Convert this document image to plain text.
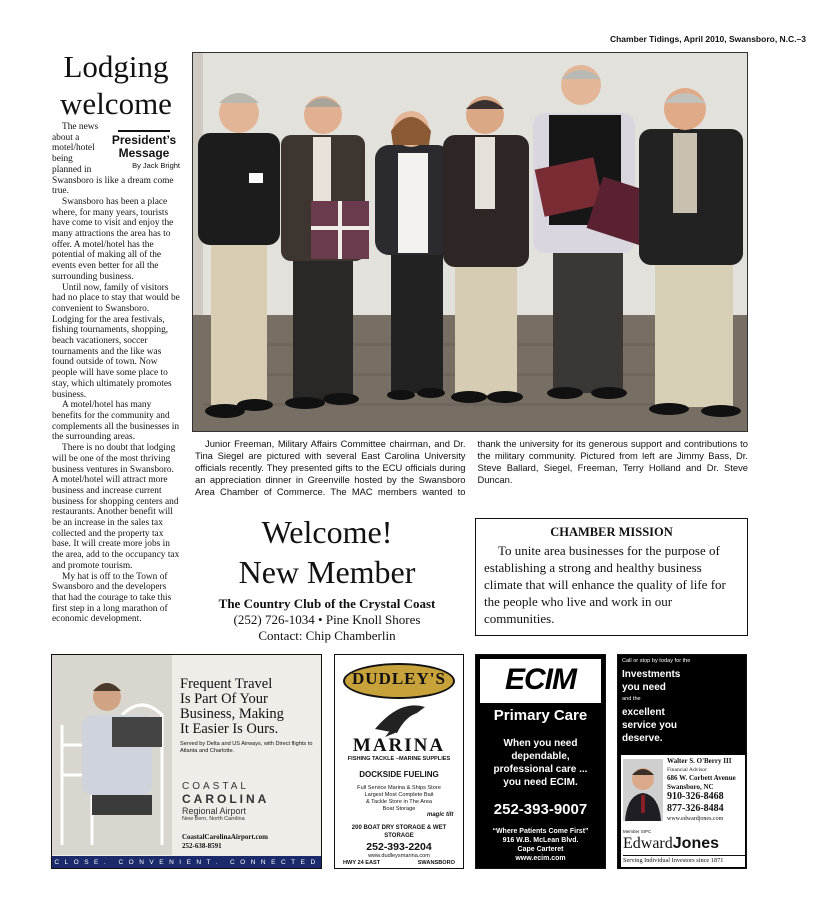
Chamber Tidings, April 2010, Swansboro, N.C.–3
Lodging
welcome
President’s
Message
By Jack Bright

The news about a motel/hotel being planned in Swansboro is like a dream come true.

Swansboro has been a place where, for many years, tourists have come to visit and enjoy the many attractions the area has to offer. A motel/hotel has the potential of making all of the events even better for all the surrounding business.

Until now, family of visitors had no place to stay that would be convenient to Swansboro. Lodging for the area festivals, fishing tournaments, shopping, beach vacationers, soccer tournaments and the like was found outside of town. Now people will have some place to stay, which ultimately promotes business.

A motel/hotel has many benefits for the community and complements all the businesses in the surrounding areas.

There is no doubt that lodging will be one of the most thriving business ventures in Swansboro. A motel/hotel will attract more business and increase current business for shopping centers and restaurants. Another benefit will be an increase in the sales tax collected and the property tax base. It will create more jobs in the area, add to the occupancy tax and promote tourism.

My hat is off to the Town of Swansboro and the developers that had the courage to take this first step in a long marathon of economic development.

Junior Freeman, Military Affairs Committee chairman, and Dr. Tina Siegel are pictured with several East Carolina University officials recently. They presented gifts to the ECU officials during an appreciation dinner in Greenville hosted by the Swansboro Area Chamber of Commerce. The MAC members wanted to thank the university for its generous support and contributions to the military community. Pictured from left are Jimmy Bass, Dr. Steve Ballard, Siegel, Freeman, Terry Holland and Dr. Steve Duncan.
Welcome!
New Member
The Country Club of the Crystal Coast
(252) 726-1034 • Pine Knoll Shores
Contact: Chip Chamberlin
CHAMBER MISSION
To unite area businesses for the purpose of establishing a strong and healthy business climate that will enhance the quality of life for the people who live and work in our communities.
Frequent Travel
Is Part Of Your
Business, Making
It Easier Is Ours.
Served by Delta and US Airways, with Direct flights to Atlanta and Charlotte.
COASTAL
CAROLINA
Regional Airport
New Bern, North Carolina
CoastalCarolinaAirport.com
252-638-8591
CLOSE. CONVENIENT. CONNECTED
DUDLEY'S
MARINA
FISHING TACKLE –MARINE SUPPLIES
DOCKSIDE FUELING
Full Service Marina & Ships Store
Largest Most Complete Bait
& Tackle Store in The Area
Boat Storage
magic tilt
200 BOAT DRY STORAGE & WET STORAGE
252-393-2204
www.dudleysmarina.com
HWY 24 EAST	SWANSBORO
ECIM
Primary Care
When you need
dependable,
professional care ...
you need ECIM.
252-393-9007
“Where Patients Come First”
916 W.B. McLean Blvd.
Cape Carteret
www.ecim.com
Call or stop by today for the
Investments
you need
and the
excellent
service you
deserve.
Walter S. O'Berry III
Financial Advisor
686 W. Corbett Avenue
Swansboro, NC
910-326-8468
877-326-8484
www.edwardjones.com
Member SIPC
EdwardJones
Serving Individual Investors since 1871
